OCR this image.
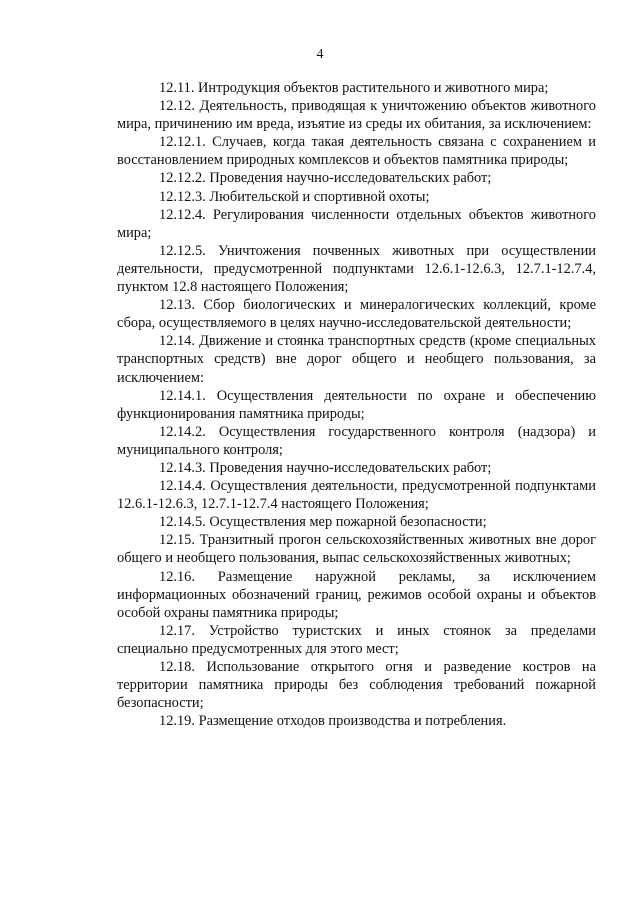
4

12.11. Интродукция объектов растительного и животного мира;

12.12. Деятельность, приводящая к уничтожению объектов животного мира, причинению им вреда, изъятие из среды их обитания, за исключением:

12.12.1. Случаев, когда такая деятельность связана с сохранением и восстановлением природных комплексов и объектов памятника природы;

12.12.2. Проведения научно-исследовательских работ;

12.12.3. Любительской и спортивной охоты;

12.12.4. Регулирования численности отдельных объектов животного мира;

12.12.5. Уничтожения почвенных животных при осуществлении деятельности, предусмотренной подпунктами 12.6.1-12.6.3, 12.7.1-12.7.4, пунктом 12.8 настоящего Положения;

12.13. Сбор биологических и минералогических коллекций, кроме сбора, осуществляемого в целях научно-исследовательской деятельности;

12.14. Движение и стоянка транспортных средств (кроме специальных транспортных средств) вне дорог общего и необщего пользования, за исключением:

12.14.1. Осуществления деятельности по охране и обеспечению функционирования памятника природы;

12.14.2. Осуществления государственного контроля (надзора) и муниципального контроля;

12.14.3. Проведения научно-исследовательских работ;

12.14.4. Осуществления деятельности, предусмотренной подпунктами 12.6.1-12.6.3, 12.7.1-12.7.4 настоящего Положения;

12.14.5. Осуществления мер пожарной безопасности;

12.15. Транзитный прогон сельскохозяйственных животных вне дорог общего и необщего пользования, выпас сельскохозяйственных животных;

12.16. Размещение наружной рекламы, за исключением информационных обозначений границ, режимов особой охраны и объектов особой охраны памятника природы;

12.17. Устройство туристских и иных стоянок за пределами специально предусмотренных для этого мест;

12.18. Использование открытого огня и разведение костров на территории памятника природы без соблюдения требований пожарной безопасности;

12.19. Размещение отходов производства и потребления.
